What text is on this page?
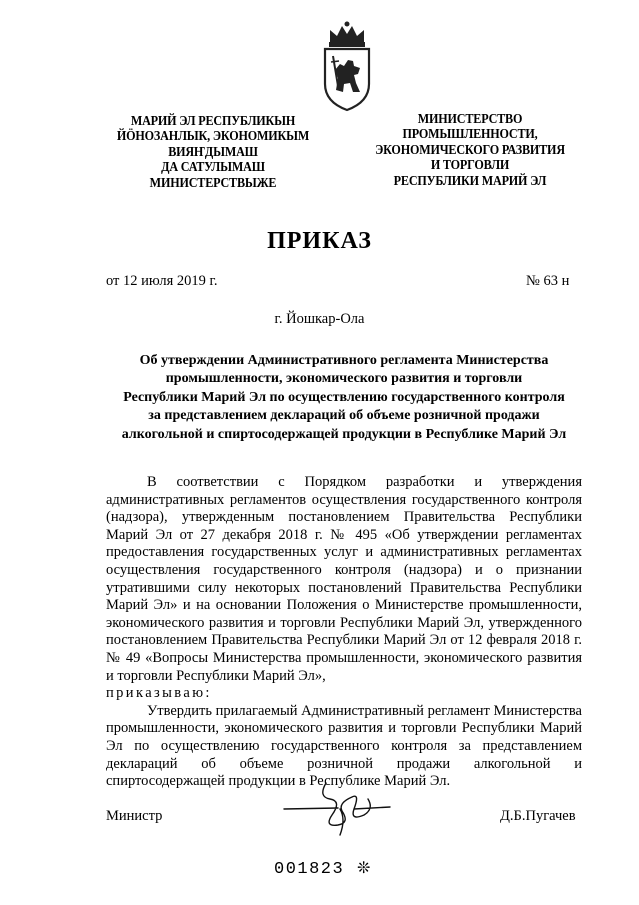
МАРИЙ ЭЛ РЕСПУБЛИКЫН
ЙӦНОЗАНЛЫК, ЭКОНОМИКЫМ
ВИЯҤДЫМАШ
ДА САТУЛЫМАШ
МИНИСТЕРСТВЫЖЕ
МИНИСТЕРСТВО
ПРОМЫШЛЕННОСТИ,
ЭКОНОМИЧЕСКОГО РАЗВИТИЯ
И ТОРГОВЛИ
РЕСПУБЛИКИ МАРИЙ ЭЛ
ПРИКАЗ
от 12 июля 2019 г.	№ 63 н
г. Йошкар-Ола
Об утверждении Административного регламента Министерства
промышленности, экономического развития и торговли
Республики Марий Эл по осуществлению государственного контроля
за представлением деклараций об объеме розничной продажи
алкогольной и спиртосодержащей продукции в Республике Марий Эл

В соответствии с Порядком разработки и утверждения административных регламентов осуществления государственного контроля (надзора), утвержденным постановлением Правительства Республики Марий Эл от 27 декабря 2018 г. № 495 «Об утверждении регламентах предоставления государственных услуг и административных регламентах осуществления государственного контроля (надзора) и о признании утратившими силу некоторых постановлений Правительства Республики Марий Эл» и на основании Положения о Министерстве промышленности, экономического развития и торговли Республики Марий Эл, утвержденного постановлением Правительства Республики Марий Эл от 12 февраля 2018 г. № 49 «Вопросы Министерства промышленности, экономического развития и торговли Республики Марий Эл»,

приказываю:

Утвердить прилагаемый Административный регламент Министерства промышленности, экономического развития и торговли Республики Марий Эл по осуществлению государственного контроля за представлением деклараций об объеме розничной продажи алкогольной и спиртосодержащей продукции в Республике Марий Эл.

Министр	Д.Б.Пугачев
001823 ❊
